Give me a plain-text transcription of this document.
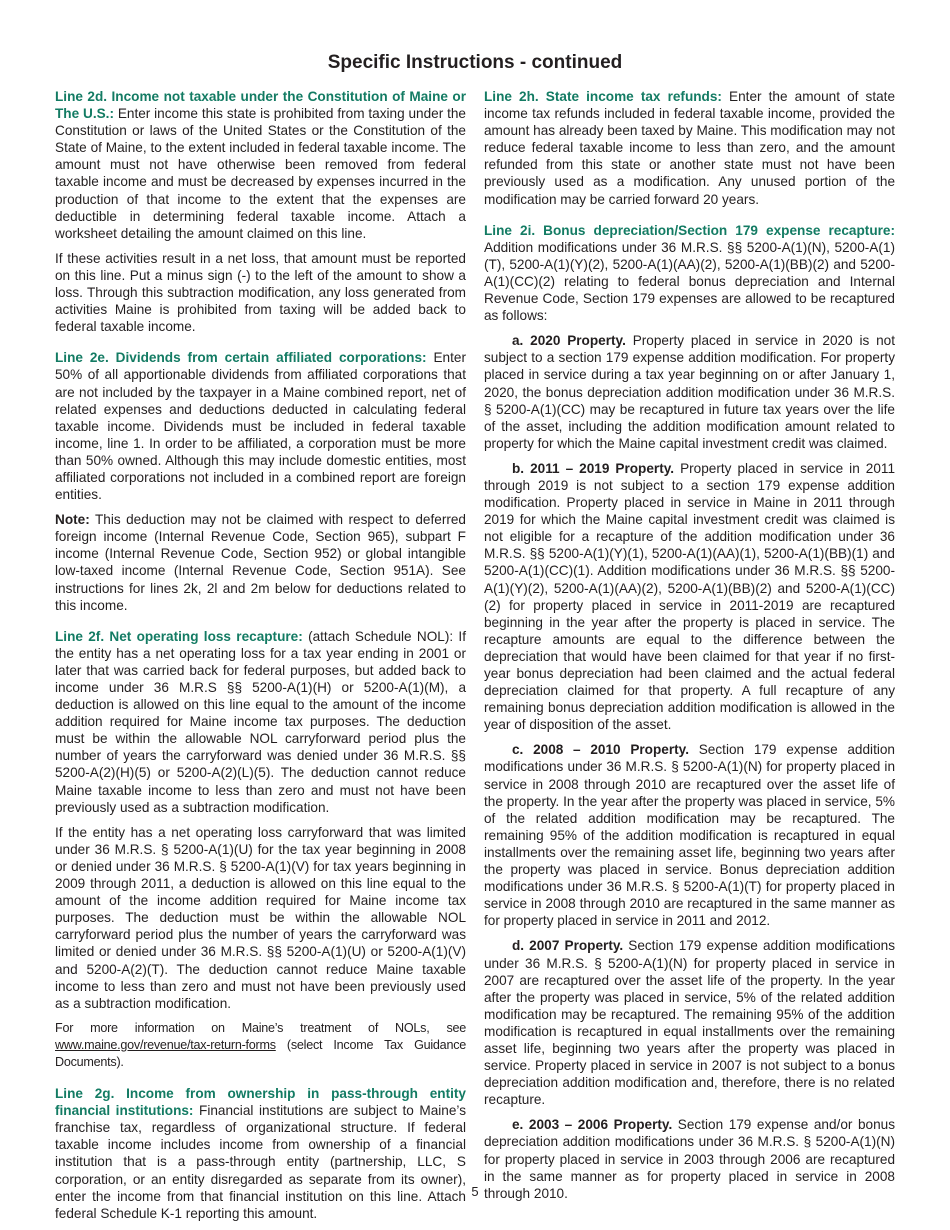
Specific Instructions - continued

Line 2d. Income not taxable under the Constitution of Maine or The U.S.: Enter income this state is prohibited from taxing under the Constitution or laws of the United States or the Constitution of the State of Maine, to the extent included in federal taxable income. The amount must not have otherwise been removed from federal taxable income and must be decreased by expenses incurred in the production of that income to the extent that the expenses are deductible in determining federal taxable income. Attach a worksheet detailing the amount claimed on this line.

If these activities result in a net loss, that amount must be reported on this line. Put a minus sign (-) to the left of the amount to show a loss. Through this subtraction modification, any loss generated from activities Maine is prohibited from taxing will be added back to federal taxable income.

Line 2e. Dividends from certain affiliated corporations: Enter 50% of all apportionable dividends from affiliated corporations that are not included by the taxpayer in a Maine combined report, net of related expenses and deductions deducted in calculating federal taxable income. Dividends must be included in federal taxable income, line 1. In order to be affiliated, a corporation must be more than 50% owned. Although this may include domestic entities, most affiliated corporations not included in a combined report are foreign entities.

Note: This deduction may not be claimed with respect to deferred foreign income (Internal Revenue Code, Section 965), subpart F income (Internal Revenue Code, Section 952) or global intangible low-taxed income (Internal Revenue Code, Section 951A). See instructions for lines 2k, 2l and 2m below for deductions related to this income.

Line 2f. Net operating loss recapture: (attach Schedule NOL): If the entity has a net operating loss for a tax year ending in 2001 or later that was carried back for federal purposes, but added back to income under 36 M.R.S §§ 5200-A(1)(H) or 5200-A(1)(M), a deduction is allowed on this line equal to the amount of the income addition required for Maine income tax purposes. The deduction must be within the allowable NOL carryforward period plus the number of years the carryforward was denied under 36 M.R.S. §§ 5200-A(2)(H)(5) or 5200-A(2)(L)(5). The deduction cannot reduce Maine taxable income to less than zero and must not have been previously used as a subtraction modification.

If the entity has a net operating loss carryforward that was limited under 36 M.R.S. § 5200-A(1)(U) for the tax year beginning in 2008 or denied under 36 M.R.S. § 5200-A(1)(V) for tax years beginning in 2009 through 2011, a deduction is allowed on this line equal to the amount of the income addition required for Maine income tax purposes. The deduction must be within the allowable NOL carryforward period plus the number of years the carryforward was limited or denied under 36 M.R.S. §§ 5200-A(1)(U) or 5200-A(1)(V) and 5200-A(2)(T). The deduction cannot reduce Maine taxable income to less than zero and must not have been previously used as a subtraction modification.

For more information on Maine’s treatment of NOLs, see www.maine.gov/revenue/tax-return-forms (select Income Tax Guidance Documents).

Line 2g. Income from ownership in pass-through entity financial institutions: Financial institutions are subject to Maine’s franchise tax, regardless of organizational structure. If federal taxable income includes income from ownership of a financial institution that is a pass-through entity (partnership, LLC, S corporation, or an entity disregarded as separate from its owner), enter the income from that financial institution on this line. Attach federal Schedule K-1 reporting this amount.

Line 2h. State income tax refunds: Enter the amount of state income tax refunds included in federal taxable income, provided the amount has already been taxed by Maine. This modification may not reduce federal taxable income to less than zero, and the amount refunded from this state or another state must not have been previously used as a modification. Any unused portion of the modification may be carried forward 20 years.

Line 2i. Bonus depreciation/Section 179 expense recapture: Addition modifications under 36 M.R.S. §§ 5200-A(1)(N), 5200-A(1)(T), 5200-A(1)(Y)(2), 5200-A(1)(AA)(2), 5200-A(1)(BB)(2) and 5200-A(1)(CC)(2) relating to federal bonus depreciation and Internal Revenue Code, Section 179 expenses are allowed to be recaptured as follows:

a. 2020 Property. Property placed in service in 2020 is not subject to a section 179 expense addition modification. For property placed in service during a tax year beginning on or after January 1, 2020, the bonus depreciation addition modification under 36 M.R.S. § 5200-A(1)(CC) may be recaptured in future tax years over the life of the asset, including the addition modification amount related to property for which the Maine capital investment credit was claimed.

b. 2011 – 2019 Property. Property placed in service in 2011 through 2019 is not subject to a section 179 expense addition modification. Property placed in service in Maine in 2011 through 2019 for which the Maine capital investment credit was claimed is not eligible for a recapture of the addition modification under 36 M.R.S. §§ 5200-A(1)(Y)(1), 5200-A(1)(AA)(1), 5200-A(1)(BB)(1) and 5200-A(1)(CC)(1). Addition modifications under 36 M.R.S. §§ 5200-A(1)(Y)(2), 5200-A(1)(AA)(2), 5200-A(1)(BB)(2) and 5200-A(1)(CC)(2) for property placed in service in 2011-2019 are recaptured beginning in the year after the property is placed in service. The recapture amounts are equal to the difference between the depreciation that would have been claimed for that year if no first-year bonus depreciation had been claimed and the actual federal depreciation claimed for that property. A full recapture of any remaining bonus depreciation addition modification is allowed in the year of disposition of the asset.

c. 2008 – 2010 Property. Section 179 expense addition modifications under 36 M.R.S. § 5200-A(1)(N) for property placed in service in 2008 through 2010 are recaptured over the asset life of the property. In the year after the property was placed in service, 5% of the related addition modification may be recaptured. The remaining 95% of the addition modification is recaptured in equal installments over the remaining asset life, beginning two years after the property was placed in service. Bonus depreciation addition modifications under 36 M.R.S. § 5200-A(1)(T) for property placed in service in 2008 through 2010 are recaptured in the same manner as for property placed in service in 2011 and 2012.

d. 2007 Property. Section 179 expense addition modifications under 36 M.R.S. § 5200-A(1)(N) for property placed in service in 2007 are recaptured over the asset life of the property. In the year after the property was placed in service, 5% of the related addition modification may be recaptured. The remaining 95% of the addition modification is recaptured in equal installments over the remaining asset life, beginning two years after the property was placed in service. Property placed in service in 2007 is not subject to a bonus depreciation addition modification and, therefore, there is no related recapture.

e. 2003 – 2006 Property. Section 179 expense and/or bonus depreciation addition modifications under 36 M.R.S. § 5200-A(1)(N) for property placed in service in 2003 through 2006 are recaptured in the same manner as for property placed in service in 2008 through 2010.

5
